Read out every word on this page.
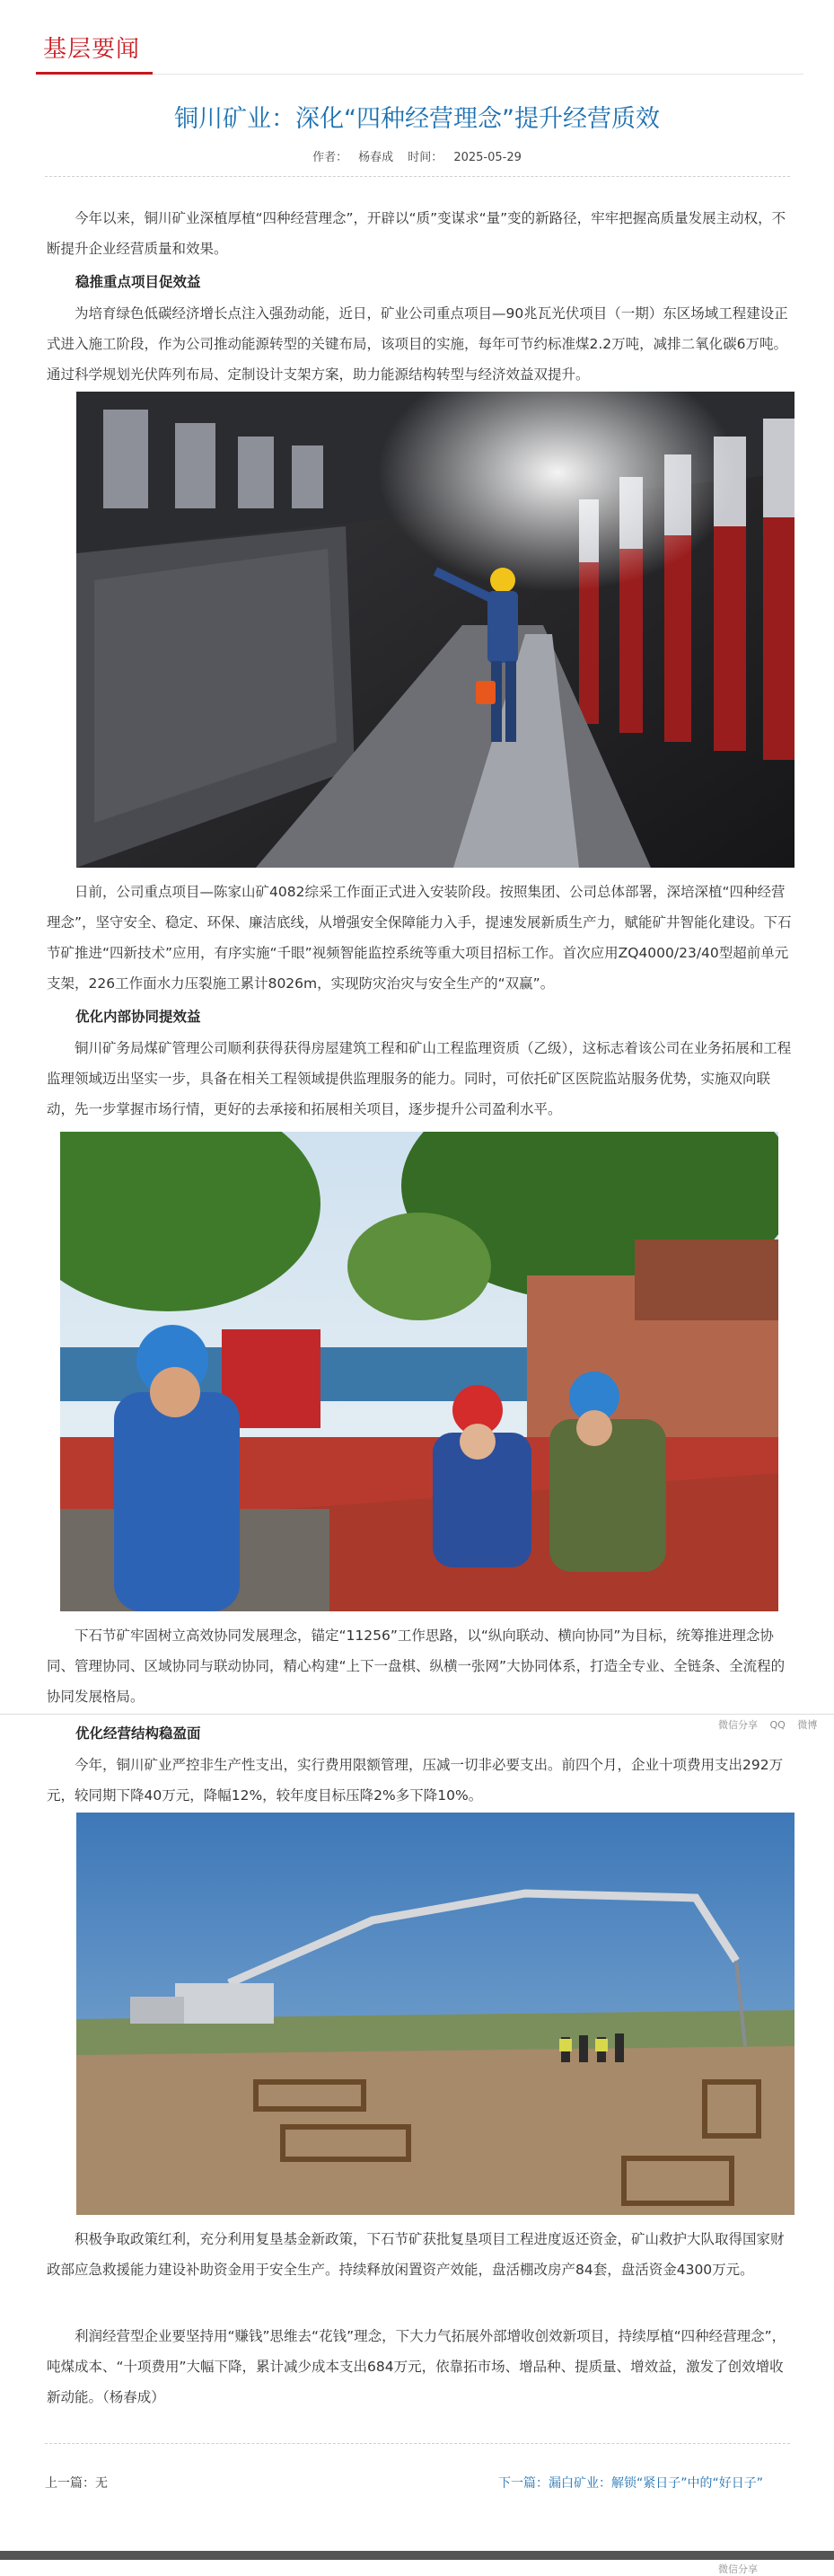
基层要闻
铜川矿业：深化“四种经营理念”提升经营质效
作者： 杨春成 时间： 2025-05-29

今年以来，铜川矿业深植厚植“四种经营理念”，开辟以“质”变谋求“量”变的新路径，牢牢把握高质量发展主动权，不断提升企业经营质量和效果。

稳推重点项目促效益

为培育绿色低碳经济增长点注入强劲动能，近日，矿业公司重点项目—90兆瓦光伏项目（一期）东区场域工程建设正式进入施工阶段，作为公司推动能源转型的关键布局，该项目的实施，每年可节约标准煤2.2万吨，减排二氧化碳6万吨。通过科学规划光伏阵列布局、定制设计支架方案，助力能源结构转型与经济效益双提升。

日前，公司重点项目—陈家山矿4082综采工作面正式进入安装阶段。按照集团、公司总体部署，深培深植“四种经营理念”，坚守安全、稳定、环保、廉洁底线，从增强安全保障能力入手，提速发展新质生产力，赋能矿井智能化建设。下石节矿推进“四新技术”应用，有序实施“千眼”视频智能监控系统等重大项目招标工作。首次应用ZQ4000/23/40型超前单元支架，226工作面水力压裂施工累计8026m，实现防灾治灾与安全生产的“双赢”。

优化内部协同提效益

铜川矿务局煤矿管理公司顺利获得获得房屋建筑工程和矿山工程监理资质（乙级），这标志着该公司在业务拓展和工程监理领域迈出坚实一步，具备在相关工程领域提供监理服务的能力。同时，可依托矿区医院监站服务优势，实施双向联动，先一步掌握市场行情，更好的去承接和拓展相关项目，逐步提升公司盈利水平。

下石节矿牢固树立高效协同发展理念，锚定“11256”工作思路，以“纵向联动、横向协同”为目标，统筹推进理念协同、管理协同、区域协同与联动协同，精心构建“上下一盘棋、纵横一张网”大协同体系，打造全专业、全链条、全流程的协同发展格局。

微信分享 QQ 微博
优化经营结构稳盈面

今年，铜川矿业严控非生产性支出，实行费用限额管理，压减一切非必要支出。前四个月，企业十项费用支出292万元，较同期下降40万元，降幅12%，较年度目标压降2%多下降10%。

积极争取政策红利，充分利用复垦基金新政策，下石节矿获批复垦项目工程进度返还资金，矿山救护大队取得国家财政部应急救援能力建设补助资金用于安全生产。持续释放闲置资产效能，盘活棚改房产84套，盘活资金4300万元。

利润经营型企业要坚持用“赚钱”思维去“花钱”理念，下大力气拓展外部增收创效新项目，持续厚植“四种经营理念”，吨煤成本、“十项费用”大幅下降，累计减少成本支出684万元，依靠拓市场、增品种、提质量、增效益，激发了创效增收新动能。（杨春成）

上一篇：无	下一篇：漏白矿业：解锁“紧日子”中的“好日子”
微信分享
